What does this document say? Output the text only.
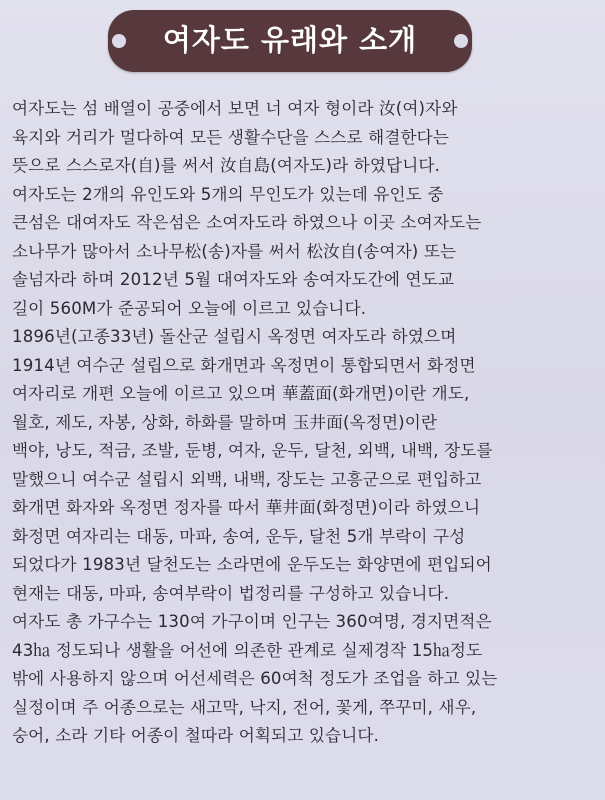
여자도 유래와 소개
여자도는 섬 배열이 공중에서 보면 너 여자 형이라 汝(여)자와
육지와 거리가 멀다하여 모든 생활수단을 스스로 해결한다는
뜻으로 스스로자(自)를 써서 汝自島(여자도)라 하였답니다.
여자도는 2개의 유인도와 5개의 무인도가 있는데 유인도 중
큰섬은 대여자도 작은섬은 소여자도라 하였으나 이곳 소여자도는
소나무가 많아서 소나무松(송)자를 써서 松汝自(송여자) 또는
솔넘자라 하며 2012년 5월 대여자도와 송여자도간에 연도교
길이 560M가 준공되어 오늘에 이르고 있습니다.
1896년(고종33년) 돌산군 설립시 옥정면 여자도라 하였으며
1914년 여수군 설립으로 화개면과 옥정면이 통합되면서 화정면
여자리로 개편 오늘에 이르고 있으며 華蓋面(화개면)이란 개도,
월호, 제도, 자봉, 상화, 하화를 말하며 玉井面(옥정면)이란
백야, 낭도, 적금, 조발, 둔병, 여자, 운두, 달천, 외백, 내백, 장도를
말했으니 여수군 설립시 외백, 내백, 장도는 고흥군으로 편입하고
화개면 화자와 옥정면 정자를 따서 華井面(화정면)이라 하였으니
화정면 여자리는 대동, 마파, 송여, 운두, 달천 5개 부락이 구성
되었다가 1983년 달천도는 소라면에 운두도는 화양면에 편입되어
현재는 대동, 마파, 송여부락이 법정리를 구성하고 있습니다.
여자도 총 가구수는 130여 가구이며 인구는 360여명, 경지면적은
43㏊ 정도되나 생활을 어선에 의존한 관계로 실제경작 15㏊정도
밖에 사용하지 않으며 어선세력은 60여척 정도가 조업을 하고 있는
실정이며 주 어종으로는 새고막, 낙지, 전어, 꽃게, 쭈꾸미, 새우,
숭어, 소라 기타 어종이 철따라 어획되고 있습니다.
